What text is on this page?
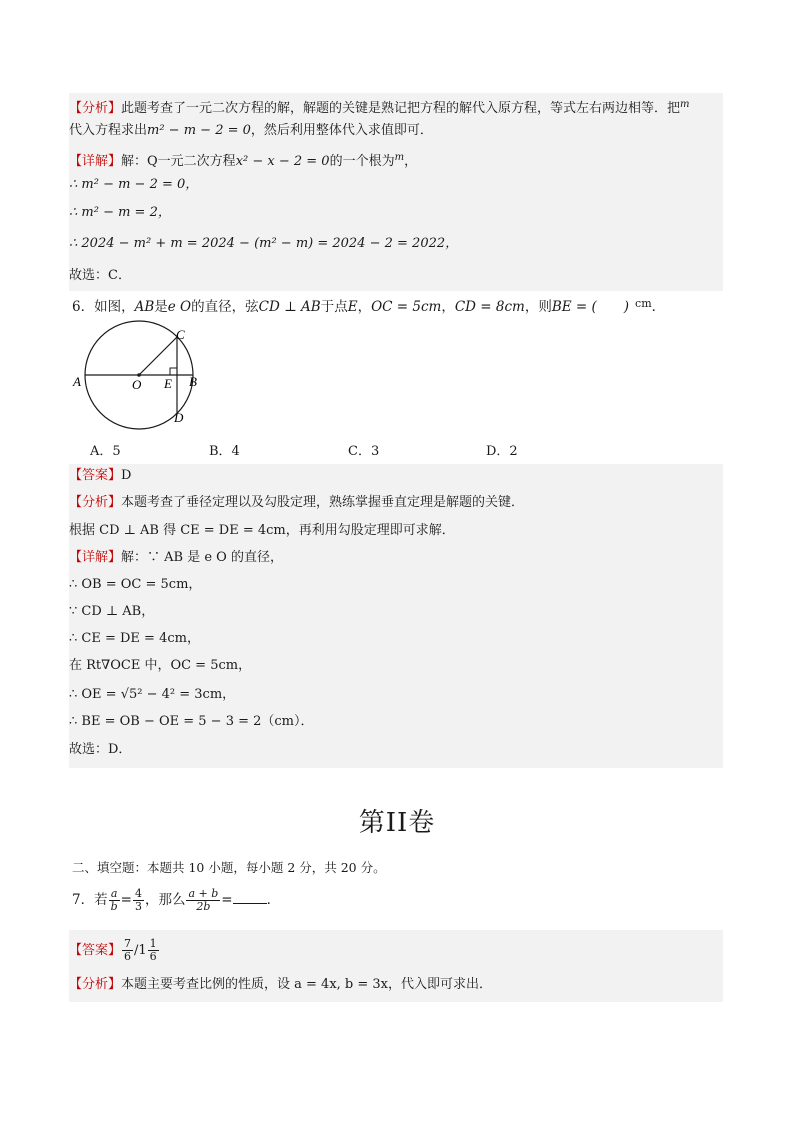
【分析】此题考查了一元二次方程的解，解题的关键是熟记把方程的解代入原方程，等式左右两边相等．把$^m$
代入方程求出m² − m − 2 = 0，然后利用整体代入求值即可．
【详解】解：Q一元二次方程x² − x − 2 = 0的一个根为$^m$，
∴ m² − m − 2 = 0，
∴ m² − m = 2，
∴ 2024 − m² + m = 2024 − (m² − m) = 2024 − 2 = 2022，
故选：C．
6．如图，AB是e O的直径，弦CD ⊥ AB于点E，OC = 5cm，CD = 8cm，则BE = (　　) $^{cm}$．
A	B
C
D
E
O
A．5	B．4	C．3	D．2
【答案】D
【分析】本题考查了垂径定理以及勾股定理，熟练掌握垂直定理是解题的关键．
根据 CD ⊥ AB 得 CE = DE = 4cm，再利用勾股定理即可求解．
【详解】解：∵ AB 是 e O 的直径，
∴ OB = OC = 5cm，
∵ CD ⊥ AB，
∴ CE = DE = 4cm，
在 Rt∇OCE 中，OC = 5cm，
∴ OE = √5² − 4² = 3cm，
∴ BE = OB − OE = 5 − 3 = 2（cm）．
故选：D．
第II卷
二、填空题：本题共 10 小题，每小题 2 分，共 20 分。
7．若 $\frac{a}{b} = \frac{4}{3}$ ，那么 $\frac{a + b}{2b}$ =	．
【答案】 $\frac{7}{6} /1 \frac{1}{6}$
【分析】本题主要考查比例的性质，设 a = 4x, b = 3x，代入即可求出．
